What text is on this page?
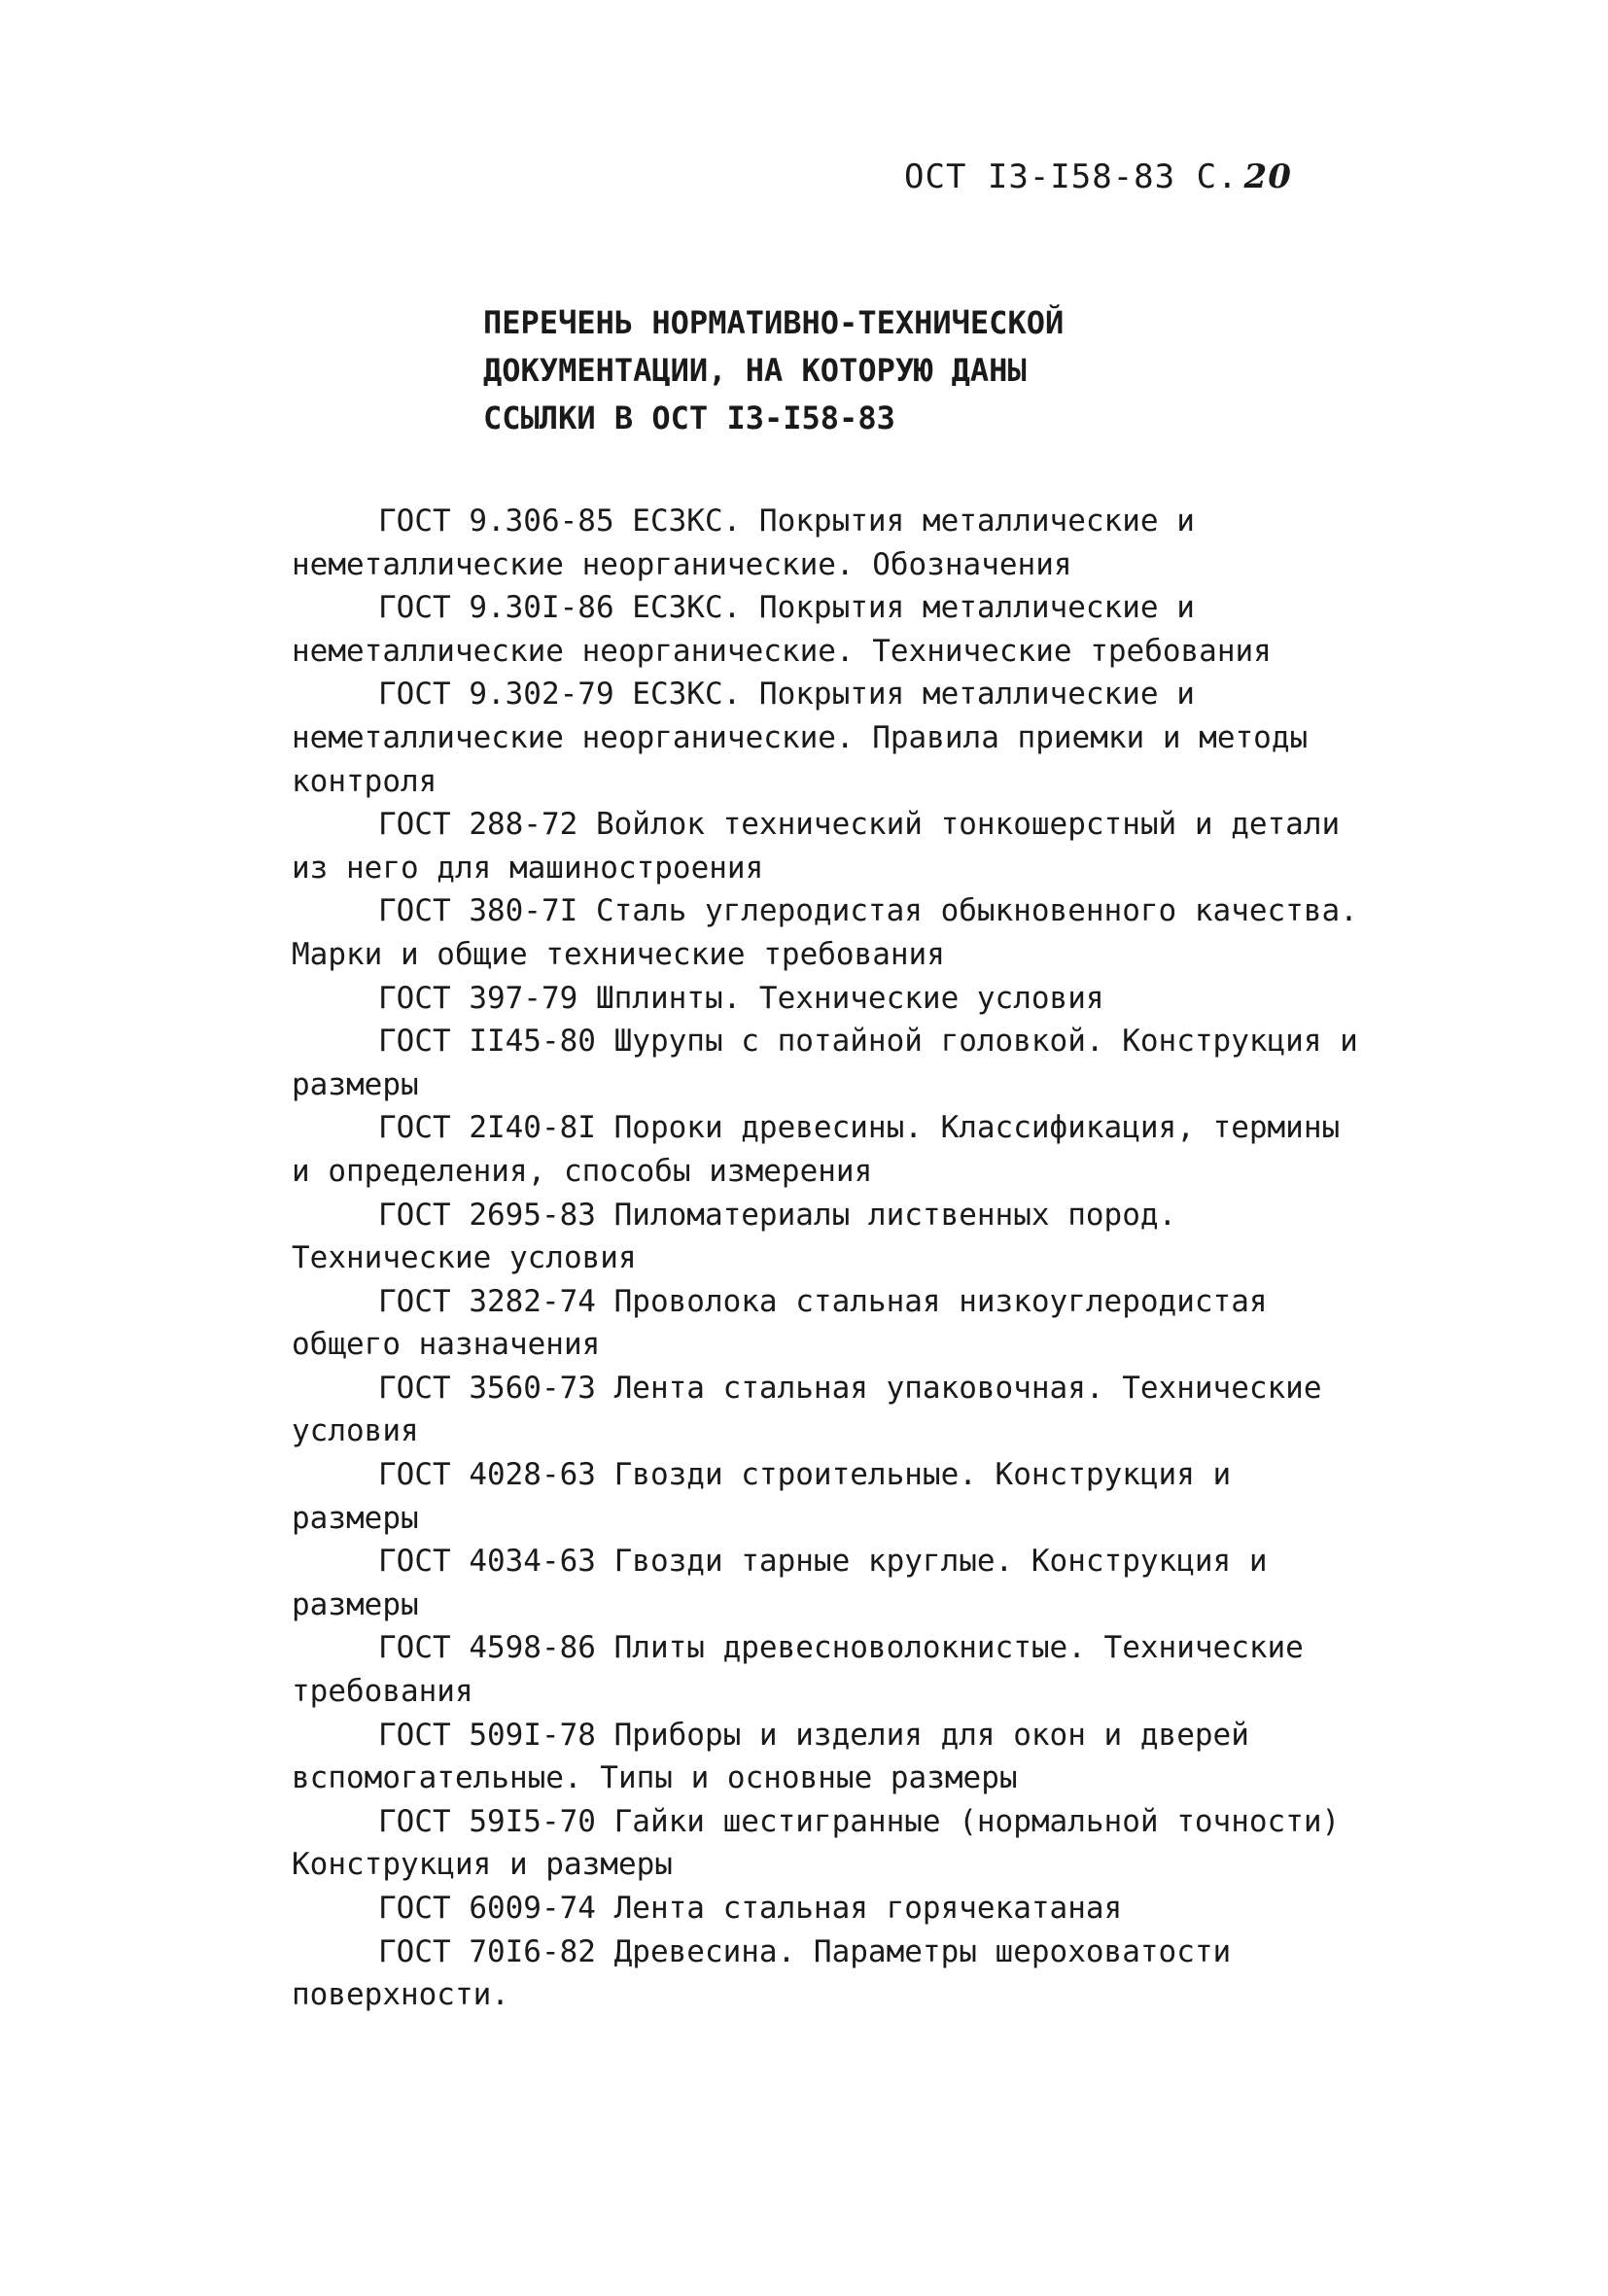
ОСТ I3-I58-83 С. 20
ПЕРЕЧЕНЬ НОРМАТИВНО-ТЕХНИЧЕСКОЙ
ДОКУМЕНТАЦИИ, НА КОТОРУЮ ДАНЫ
ССЫЛКИ В ОСТ I3-I58-83
ГОСТ 9.306-85 ЕСЗКС. Покрытия металлические и неметаллические неорганические. Обозначения
ГОСТ 9.30I-86 ЕСЗКС. Покрытия металлические и неметаллические неорганические. Технические требования
ГОСТ 9.302-79 ЕСЗКС. Покрытия металлические и неметаллические неорганические. Правила приемки и методы контроля
ГОСТ 288-72 Войлок технический тонкошерстный и детали из него для машиностроения
ГОСТ 380-7I Сталь углеродистая обыкновенного качества. Марки и общие технические требования
ГОСТ 397-79 Шплинты. Технические условия
ГОСТ II45-80 Шурупы с потайной головкой. Конструкция и размеры
ГОСТ 2I40-8I Пороки древесины. Классификация, термины и определения, способы измерения
ГОСТ 2695-83 Пиломатериалы лиственных пород. Технические условия
ГОСТ 3282-74 Проволока стальная низкоуглеродистая общего назначения
ГОСТ 3560-73 Лента стальная упаковочная. Технические условия
ГОСТ 4028-63 Гвозди строительные. Конструкция и размеры
ГОСТ 4034-63 Гвозди тарные круглые. Конструкция и размеры
ГОСТ 4598-86 Плиты древесноволокнистые. Технические требования
ГОСТ 509I-78 Приборы и изделия для окон и дверей вспомогательные. Типы и основные размеры
ГОСТ 59I5-70 Гайки шестигранные (нормальной точности) Конструкция и размеры
ГОСТ 6009-74 Лента стальная горячекатаная
ГОСТ 70I6-82 Древесина. Параметры шероховатости поверхности.
